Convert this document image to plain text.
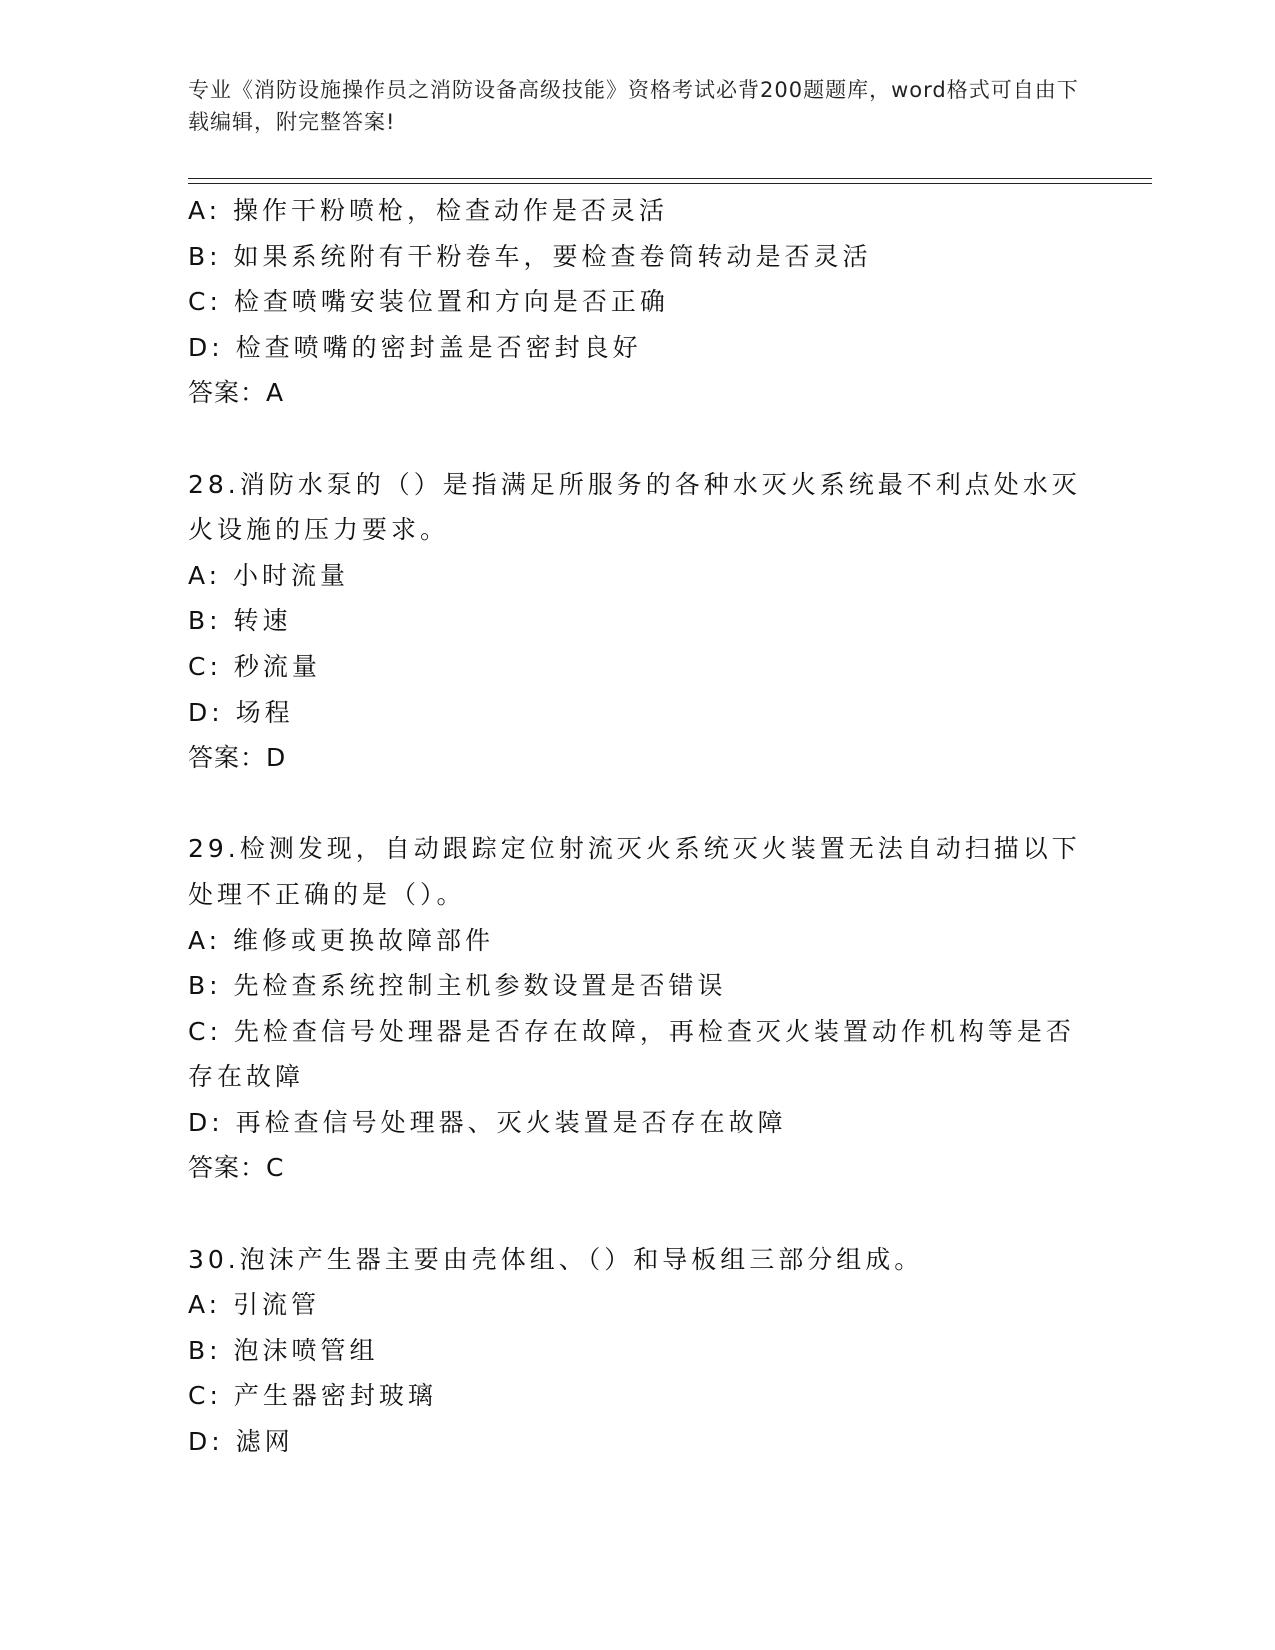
专业《消防设施操作员之消防设备高级技能》资格考试必背200题题库，word格式可自由下载编辑，附完整答案!
A: 操作干粉喷枪，检查动作是否灵活
B: 如果系统附有干粉卷车，要检查卷筒转动是否灵活
C: 检查喷嘴安装位置和方向是否正确
D: 检查喷嘴的密封盖是否密封良好
答案：A
28.消防水泵的（）是指满足所服务的各种水灭火系统最不利点处水灭
火设施的压力要求。
A: 小时流量
B: 转速
C: 秒流量
D: 场程
答案：D
29.检测发现，自动跟踪定位射流灭火系统灭火装置无法自动扫描以下
处理不正确的是（）。
A: 维修或更换故障部件
B: 先检查系统控制主机参数设置是否错误
C: 先检查信号处理器是否存在故障，再检查灭火装置动作机构等是否
存在故障
D: 再检查信号处理器、灭火装置是否存在故障
答案：C
30.泡沫产生器主要由壳体组、（）和导板组三部分组成。
A: 引流管
B: 泡沫喷管组
C: 产生器密封玻璃
D: 滤网
